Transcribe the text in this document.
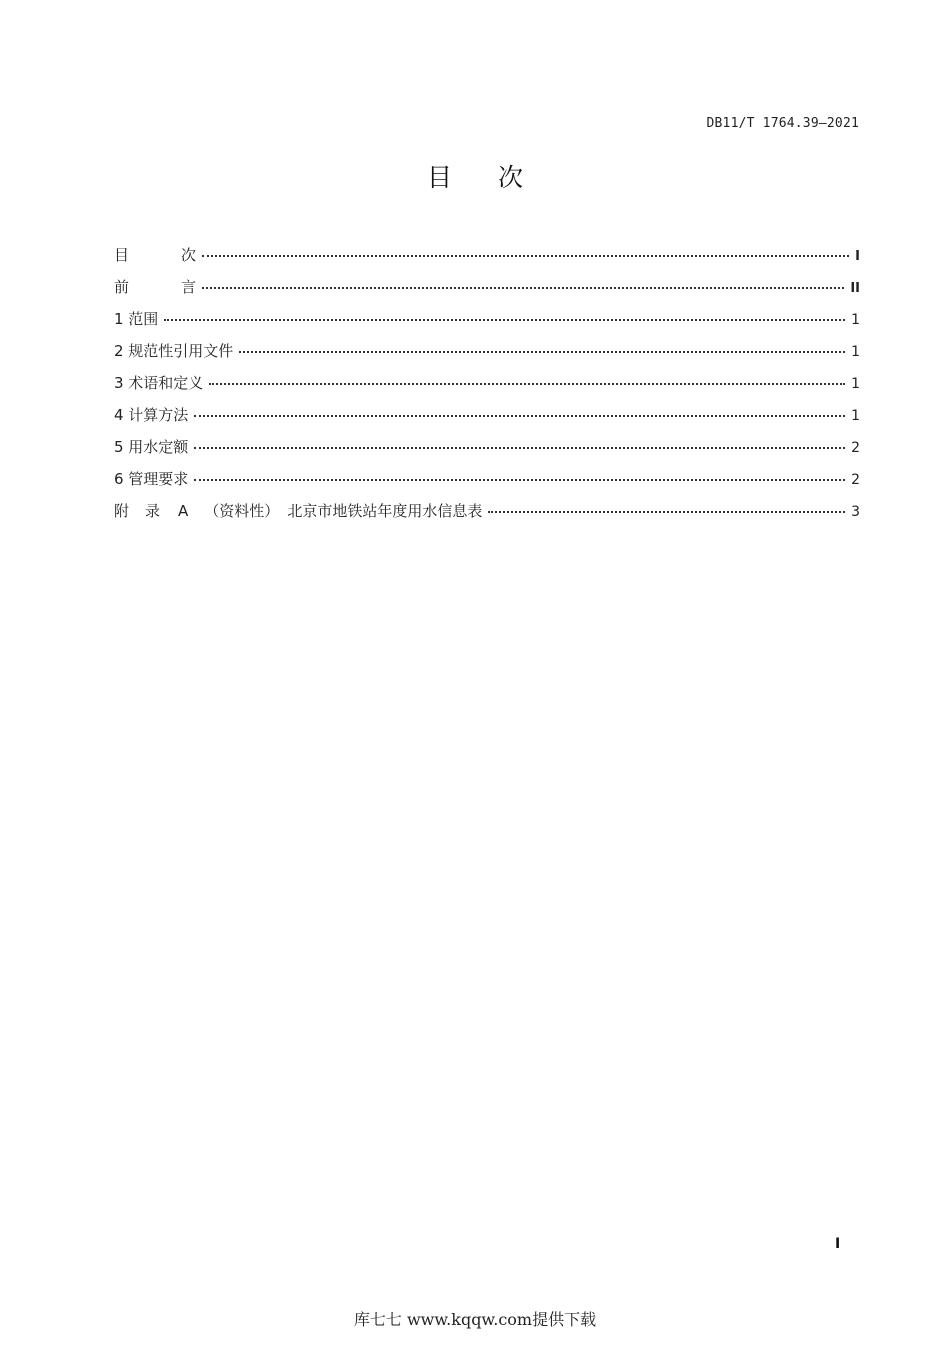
DB11/T 1764.39—2021
目 次
目	次	I
前	言	II
1 范围	1
2 规范性引用文件	1
3 术语和定义	1
4 计算方法	1
5 用水定额	2
6 管理要求	2
附 录 A （资料性） 北京市地铁站年度用水信息表	3
I
库七七 www.kqqw.com提供下载
